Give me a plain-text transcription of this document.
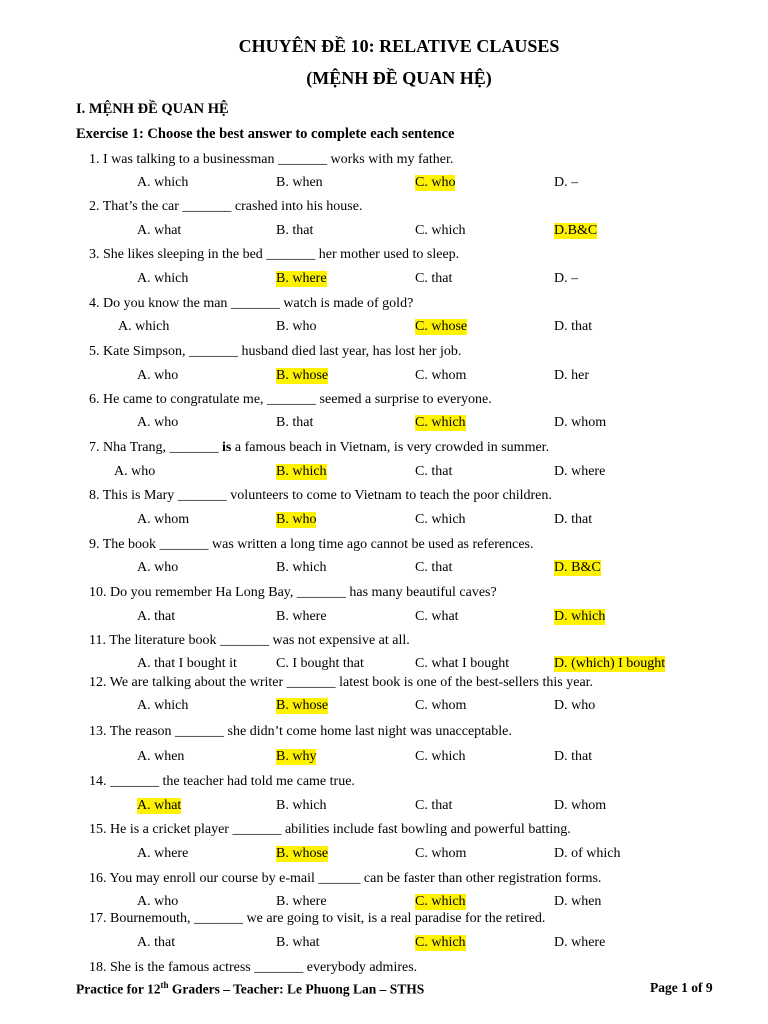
CHUYÊN ĐỀ 10: RELATIVE CLAUSES
(MỆNH ĐỀ QUAN HỆ)
I. MỆNH ĐỀ QUAN HỆ
Exercise 1: Choose the best answer to complete each sentence
1. I was talking to a businessman _______ works with my father.
A. which	B. when	C. who	D. –
2. That’s the car _______ crashed into his house.
A. what	B. that	C. which	D.B&C
3. She likes sleeping in the bed _______ her mother used to sleep.
A. which	B. where	C. that	D. –
4. Do you know the man _______ watch is made of gold?
A. which	B. who	C. whose	D. that
5. Kate Simpson, _______ husband died last year, has lost her job.
A. who	B. whose	C. whom	D. her
6. He came to congratulate me, _______ seemed a surprise to everyone.
A. who	B. that	C. which	D. whom
7. Nha Trang, _______ is a famous beach in Vietnam, is very crowded in summer.
A. who	B. which	C. that	D. where
8. This is Mary _______ volunteers to come to Vietnam to teach the poor children.
A. whom	B. who	C. which	D. that
9. The book _______ was written a long time ago cannot be used as references.
A. who	B. which	C. that	D. B&C
10. Do you remember Ha Long Bay, _______ has many beautiful caves?
A. that	B. where	C. what	D. which
11. The literature book _______ was not expensive at all.
A. that I bought it	C. I bought that	C. what I bought	D. (which) I bought
12. We are talking about the writer _______ latest book is one of the best-sellers this year.
A. which	B. whose	C. whom	D. who
13. The reason _______ she didn’t come home last night was unacceptable.
A. when	B. why	C. which	D. that
14. _______ the teacher had told me came true.
A. what	B. which	C. that	D. whom
15. He is a cricket player _______ abilities include fast bowling and powerful batting.
A. where	B. whose	C. whom	D. of which
16. You may enroll our course by e-mail ______ can be faster than other registration forms.
A. who	B. where	C. which	D. when
17. Bournemouth, _______ we are going to visit, is a real paradise for the retired.
A. that	B. what	C. which	D. where
18. She is the famous actress _______ everybody admires.
Practice for 12th Graders – Teacher: Le Phuong Lan – STHS	Page 1 of 9
